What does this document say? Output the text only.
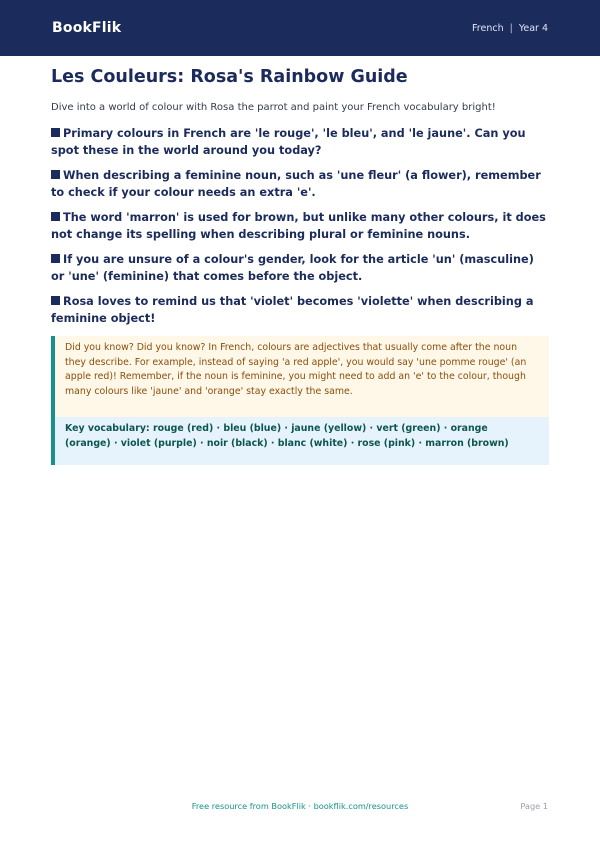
BookFlik	French | Year 4
Les Couleurs: Rosa's Rainbow Guide

Dive into a world of colour with Rosa the parrot and paint your French vocabulary bright!

Primary colours in French are 'le rouge', 'le bleu', and 'le jaune'. Can you spot these in the world around you today?

When describing a feminine noun, such as 'une fleur' (a flower), remember to check if your colour needs an extra 'e'.

The word 'marron' is used for brown, but unlike many other colours, it does not change its spelling when describing plural or feminine nouns.

If you are unsure of a colour's gender, look for the article 'un' (masculine) or 'une' (feminine) that comes before the object.

Rosa loves to remind us that 'violet' becomes 'violette' when describing a feminine object!

Did you know? Did you know? In French, colours are adjectives that usually come after the noun they describe. For example, instead of saying 'a red apple', you would say 'une pomme rouge' (an apple red)! Remember, if the noun is feminine, you might need to add an 'e' to the colour, though many colours like 'jaune' and 'orange' stay exactly the same.

Key vocabulary: rouge (red) · bleu (blue) · jaune (yellow) · vert (green) · orange (orange) · violet (purple) · noir (black) · blanc (white) · rose (pink) · marron (brown)

Free resource from BookFlik · bookflik.com/resources	Page 1
